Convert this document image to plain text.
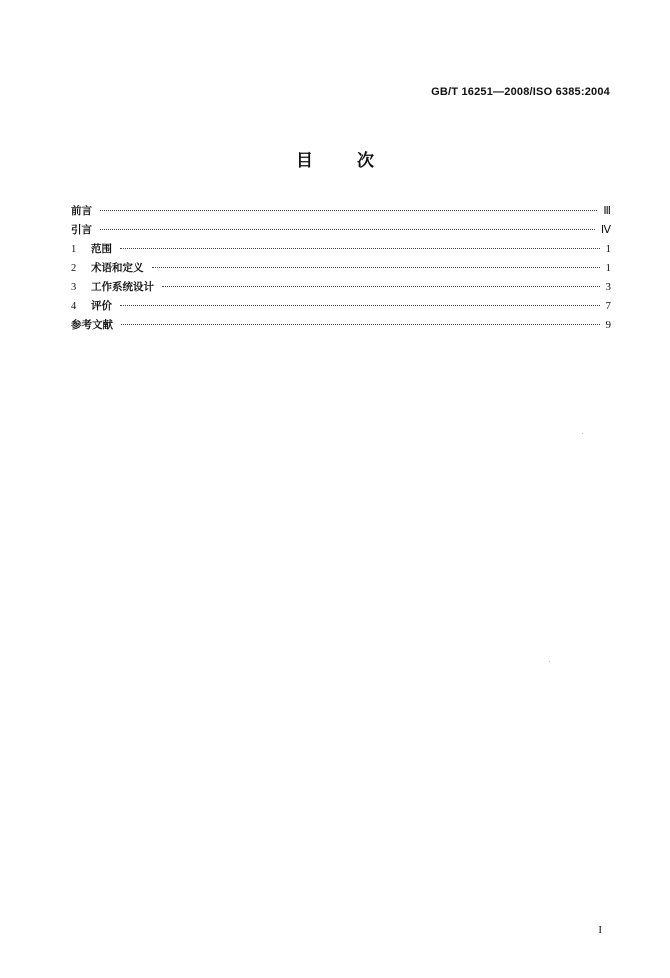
GB/T 16251—2008/ISO 6385:2004
目	次
前言	Ⅲ
引言	Ⅳ
1	范围	1
2	术语和定义	1
3	工作系统设计	3
4	评价	7
参考文献	9
I
